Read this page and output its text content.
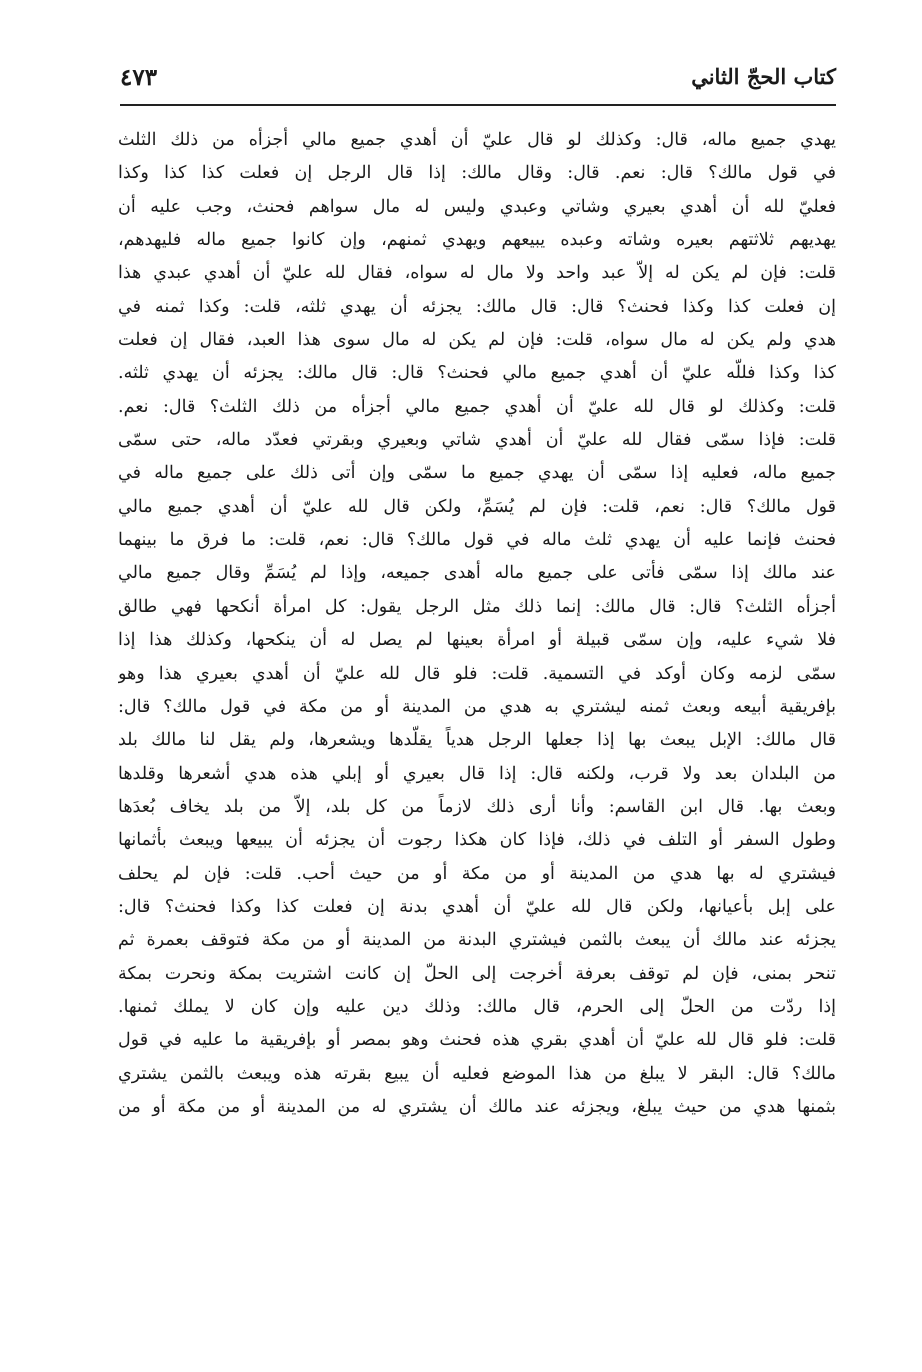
كتاب الحجّ الثاني
٤٧٣
يهدي جميع ماله، قال: وكذلك لو قال عليّ أن أهدي جميع مالي أجزأه من ذلك الثلث
في قول مالك؟ قال: نعم. قال: وقال مالك: إذا قال الرجل إن فعلت كذا كذا وكذا
فعليّ لله أن أهدي بعيري وشاتي وعبدي وليس له مال سواهم فحنث، وجب عليه أن
يهديهم ثلاثتهم بعيره وشاته وعبده يبيعهم ويهدي ثمنهم، وإن كانوا جميع ماله فليهدهم،
قلت: فإن لم يكن له إلاّ عبد واحد ولا مال له سواه، فقال لله عليّ أن أهدي عبدي هذا
إن فعلت كذا وكذا فحنث؟ قال: قال مالك: يجزئه أن يهدي ثلثه، قلت: وكذا ثمنه في
هدي ولم يكن له مال سواه، قلت: فإن لم يكن له مال سوى هذا العبد، فقال إن فعلت
كذا وكذا فللّه عليّ أن أهدي جميع مالي فحنث؟ قال: قال مالك: يجزئه أن يهدي ثلثه.
قلت: وكذلك لو قال لله عليّ أن أهدي جميع مالي أجزأه من ذلك الثلث؟ قال: نعم.
قلت: فإذا سمّى فقال لله عليّ أن أهدي شاتي وبعيري وبقرتي فعدّد ماله، حتى سمّى
جميع ماله، فعليه إذا سمّى أن يهدي جميع ما سمّى وإن أتى ذلك على جميع ماله في
قول مالك؟ قال: نعم، قلت: فإن لم يُسَمِّ، ولكن قال لله عليّ أن أهدي جميع مالي
فحنث فإنما عليه أن يهدي ثلث ماله في قول مالك؟ قال: نعم، قلت: ما فرق ما بينهما
عند مالك إذا سمّى فأتى على جميع ماله أهدى جميعه، وإذا لم يُسَمِّ وقال جميع مالي
أجزأه الثلث؟ قال: قال مالك: إنما ذلك مثل الرجل يقول: كل امرأة أنكحها فهي طالق
فلا شيء عليه، وإن سمّى قبيلة أو امرأة بعينها لم يصل له أن ينكحها، وكذلك هذا إذا
سمّى لزمه وكان أوكد في التسمية. قلت: فلو قال لله عليّ أن أهدي بعيري هذا وهو
بإفريقية أبيعه وبعث ثمنه ليشتري به هدي من المدينة أو من مكة في قول مالك؟ قال:
قال مالك: الإبل يبعث بها إذا جعلها الرجل هدياً يقلّدها ويشعرها، ولم يقل لنا مالك بلد
من البلدان بعد ولا قرب، ولكنه قال: إذا قال بعيري أو إبلي هذه هدي أشعرها وقلدها
وبعث بها. قال ابن القاسم: وأنا أرى ذلك لازماً من كل بلد، إلاّ من بلد يخاف بُعدَها
وطول السفر أو التلف في ذلك، فإذا كان هكذا رجوت أن يجزئه أن يبيعها ويبعث بأثمانها
فيشتري له بها هدي من المدينة أو من مكة أو من حيث أحب. قلت: فإن لم يحلف
على إبل بأعيانها، ولكن قال لله عليّ أن أهدي بدنة إن فعلت كذا وكذا فحنث؟ قال:
يجزئه عند مالك أن يبعث بالثمن فيشتري البدنة من المدينة أو من مكة فتوقف بعمرة ثم
تنحر بمنى، فإن لم توقف بعرفة أخرجت إلى الحلّ إن كانت اشتريت بمكة ونحرت بمكة
إذا ردّت من الحلّ إلى الحرم، قال مالك: وذلك دين عليه وإن كان لا يملك ثمنها.
قلت: فلو قال لله عليّ أن أهدي بقري هذه فحنث وهو بمصر أو بإفريقية ما عليه في قول
مالك؟ قال: البقر لا يبلغ من هذا الموضع فعليه أن يبيع بقرته هذه ويبعث بالثمن يشتري
بثمنها هدي من حيث يبلغ، ويجزئه عند مالك أن يشتري له من المدينة أو من مكة أو من
